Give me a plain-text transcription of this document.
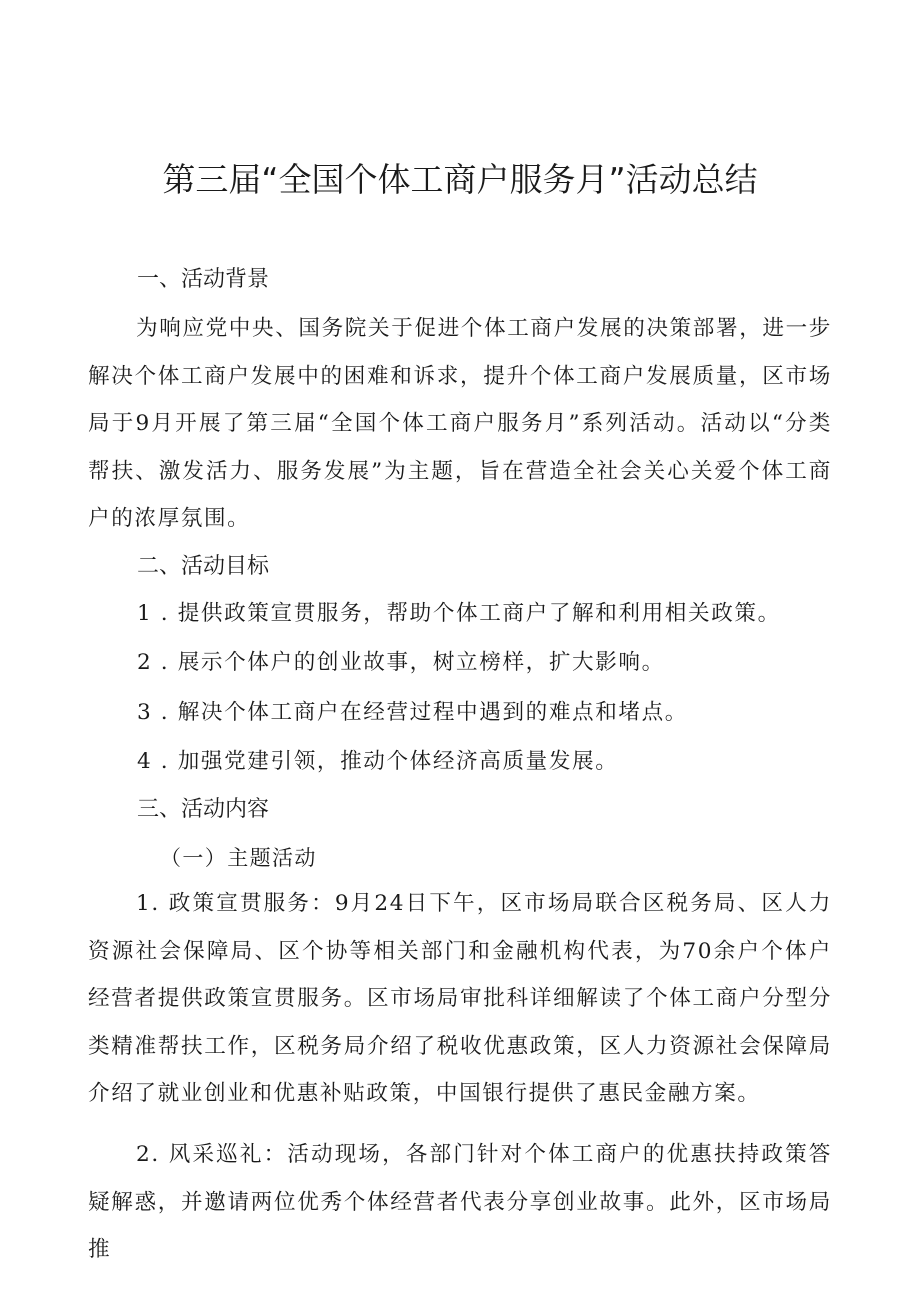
第三届“全国个体工商户服务月”活动总结
一、活动背景

为响应党中央、国务院关于促进个体工商户发展的决策部署，进一步解决个体工商户发展中的困难和诉求，提升个体工商户发展质量，区市场局于9月开展了第三届“全国个体工商户服务月”系列活动。活动以“分类帮扶、激发活力、服务发展”为主题，旨在营造全社会关心关爱个体工商户的浓厚氛围。

二、活动目标
1 . 提供政策宣贯服务，帮助个体工商户了解和利用相关政策。
2 . 展示个体户的创业故事，树立榜样，扩大影响。
3 . 解决个体工商户在经营过程中遇到的难点和堵点。
4 . 加强党建引领，推动个体经济高质量发展。
三、活动内容
（一）主题活动

1. 政策宣贯服务：9月24日下午，区市场局联合区税务局、区人力资源社会保障局、区个协等相关部门和金融机构代表，为70余户个体户经营者提供政策宣贯服务。区市场局审批科详细解读了个体工商户分型分类精准帮扶工作，区税务局介绍了税收优惠政策，区人力资源社会保障局介绍了就业创业和优惠补贴政策，中国银行提供了惠民金融方案。

2. 风采巡礼：活动现场，各部门针对个体工商户的优惠扶持政策答疑解惑，并邀请两位优秀个体经营者代表分享创业故事。此外，区市场局推
